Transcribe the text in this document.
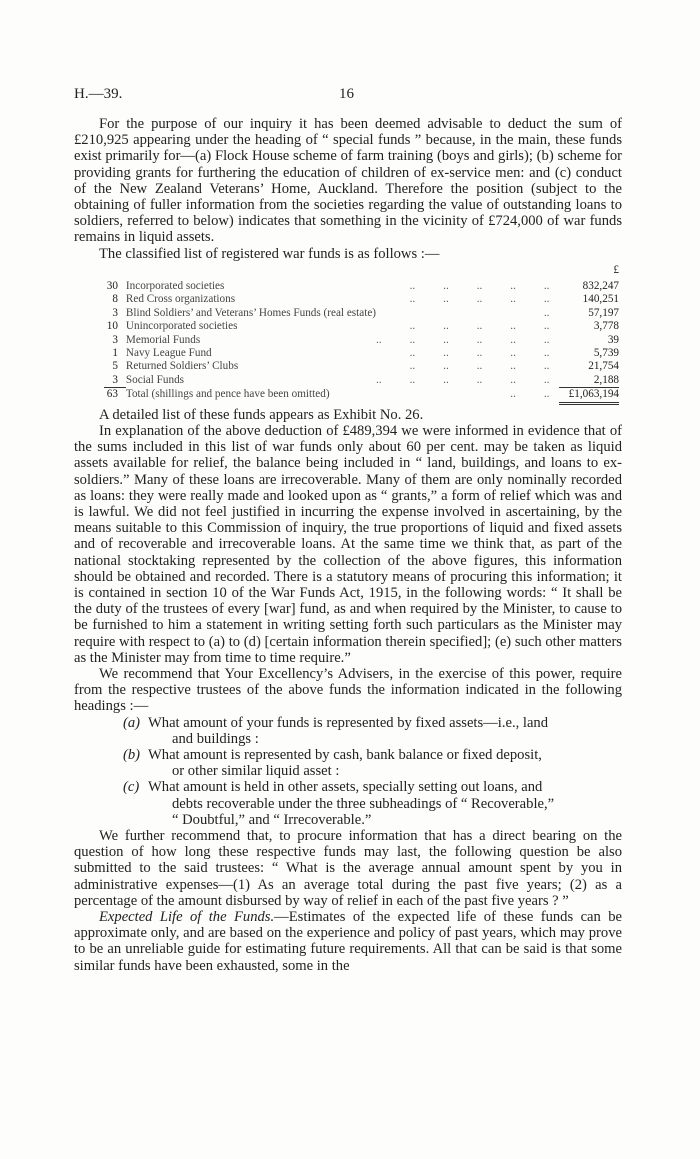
H.—39.	16

For the purpose of our inquiry it has been deemed advisable to deduct the sum of £210,925 appearing under the heading of “ special funds ” because, in the main, these funds exist primarily for—(a) Flock House scheme of farm training (boys and girls); (b) scheme for providing grants for furthering the education of children of ex-service men: and (c) conduct of the New Zealand Veterans’ Home, Auckland. Therefore the position (subject to the obtaining of fuller information from the societies regarding the value of outstanding loans to soldiers, referred to below) indicates that something in the vicinity of £724,000 of war funds remains in liquid assets.

The classified list of registered war funds is as follows :—

£
30	Incorporated societies	..          ..          ..          ..          ..	832,247
8	Red Cross organizations	..          ..          ..          ..          ..	140,251
3	Blind Soldiers’ and Veterans’ Homes Funds (real estate)	..	57,197
10	Unincorporated societies	..          ..          ..          ..          ..	3,778
3	Memorial Funds	..          ..          ..          ..          ..          ..	39
1	Navy League Fund	..          ..          ..          ..          ..	5,739
5	Returned Soldiers’ Clubs	..          ..          ..          ..          ..	21,754
3	Social Funds	..          ..          ..          ..          ..          ..	2,188
63	Total (shillings and pence have been omitted)	..          ..	£1,063,194

A detailed list of these funds appears as Exhibit No. 26.

In explanation of the above deduction of £489,394 we were informed in evidence that of the sums included in this list of war funds only about 60 per cent. may be taken as liquid assets available for relief, the balance being included in “ land, buildings, and loans to ex-soldiers.” Many of these loans are irrecoverable. Many of them are only nominally recorded as loans: they were really made and looked upon as “ grants,” a form of relief which was and is lawful. We did not feel justified in incurring the expense involved in ascertaining, by the means suitable to this Commission of inquiry, the true proportions of liquid and fixed assets and of recoverable and irrecoverable loans. At the same time we think that, as part of the national stocktaking represented by the collection of the above figures, this information should be obtained and recorded. There is a statutory means of procuring this information; it is contained in section 10 of the War Funds Act, 1915, in the following words: “ It shall be the duty of the trustees of every [war] fund, as and when required by the Minister, to cause to be furnished to him a statement in writing setting forth such particulars as the Minister may require with respect to (a) to (d) [certain information therein specified]; (e) such other matters as the Minister may from time to time require.”

We recommend that Your Excellency’s Advisers, in the exercise of this power, require from the respective trustees of the above funds the information indicated in the following headings :—

(a) What amount of your funds is represented by fixed assets—i.e., land
and buildings :
(b) What amount is represented by cash, bank balance or fixed deposit,
or other similar liquid asset :
(c) What amount is held in other assets, specially setting out loans, and
debts recoverable under the three subheadings of “ Recoverable,”
“ Doubtful,” and “ Irrecoverable.”

We further recommend that, to procure information that has a direct bearing on the question of how long these respective funds may last, the following question be also submitted to the said trustees: “ What is the average annual amount spent by you in administrative expenses—(1) As an average total during the past five years; (2) as a percentage of the amount disbursed by way of relief in each of the past five years ? ”

Expected Life of the Funds.—Estimates of the expected life of these funds can be approximate only, and are based on the experience and policy of past years, which may prove to be an unreliable guide for estimating future requirements. All that can be said is that some similar funds have been exhausted, some in the
